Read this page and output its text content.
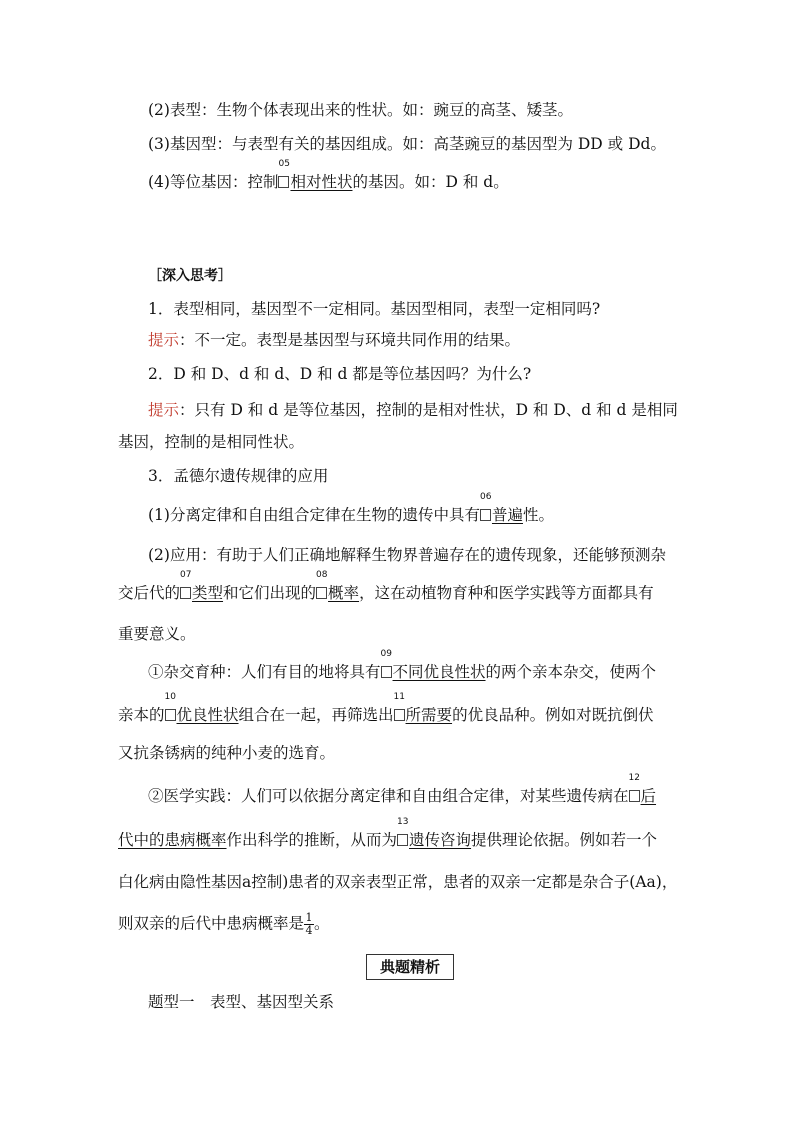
(2)表型：生物个体表现出来的性状。如：豌豆的高茎、矮茎。
(3)基因型：与表型有关的基因组成。如：高茎豌豆的基因型为 DD 或 Dd。
(4)等位基因：控制
05
相对性状的基因。如：D 和 d。
［深入思考］
1．表型相同，基因型不一定相同。基因型相同，表型一定相同吗?
提示：不一定。表型是基因型与环境共同作用的结果。
2．D 和 D、d 和 d、D 和 d 都是等位基因吗？为什么?
提示：只有 D 和 d 是等位基因，控制的是相对性状，D 和 D、d 和 d 是相同
基因，控制的是相同性状。
3．孟德尔遗传规律的应用
(1)分离定律和自由组合定律在生物的遗传中具有
06
普遍性。
(2)应用：有助于人们正确地解释生物界普遍存在的遗传现象，还能够预测杂
交后代的
07
类型和它们出现的
08
概率，这在动植物育种和医学实践等方面都具有
重要意义。
①杂交育种：人们有目的地将具有
09
不同优良性状的两个亲本杂交，使两个
亲本的
10
优良性状组合在一起，再筛选出
11
所需要的优良品种。例如对既抗倒伏
又抗条锈病的纯种小麦的选育。
②医学实践：人们可以依据分离定律和自由组合定律，对某些遗传病在
12
后
代中的患病概率作出科学的推断，从而为
13
遗传咨询提供理论依据。例如若一个
白化病由隐性基因a控制)患者的双亲表型正常，患者的双亲一定都是杂合子(Aa)，
则双亲的后代中患病概率是 $\frac{1}{4}$ 。
典题精析
题型一　表型、基因型关系
